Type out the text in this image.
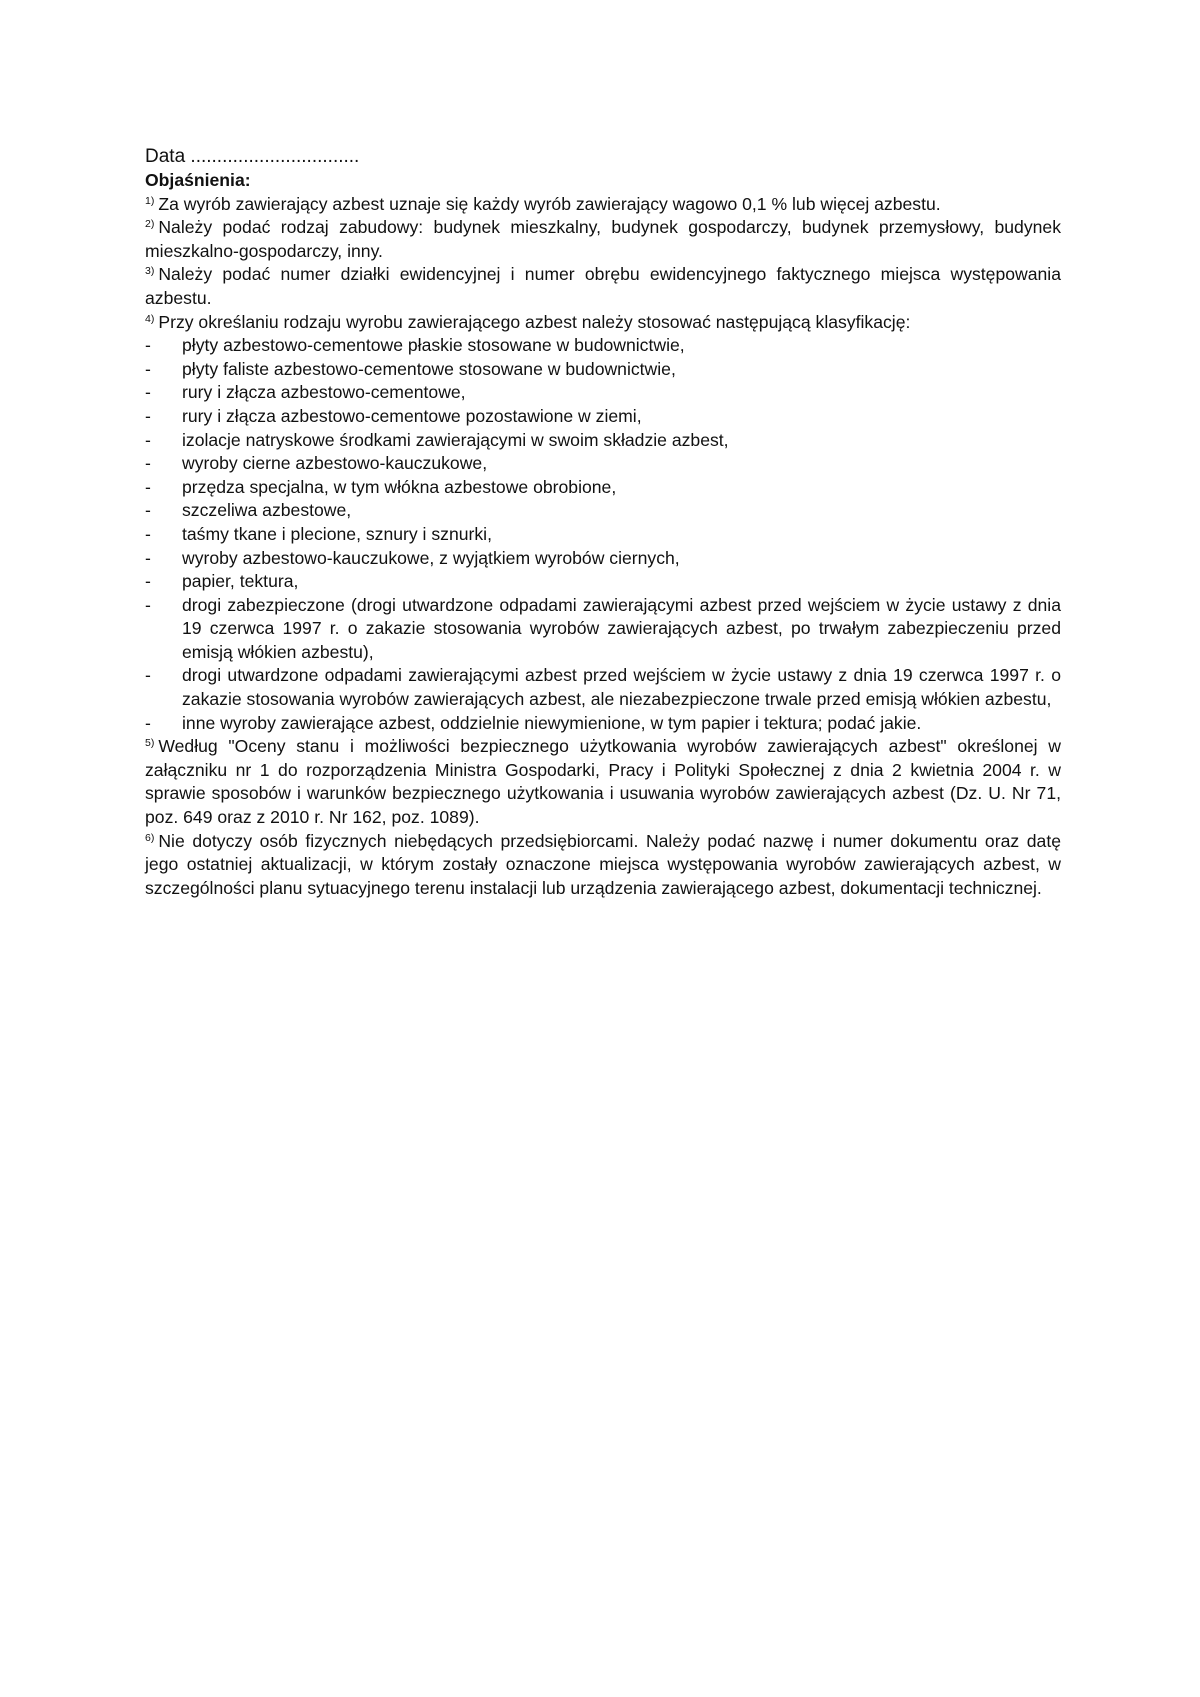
Data ................................
Objaśnienia:
$^{1)}$ Za wyrób zawierający azbest uznaje się każdy wyrób zawierający wagowo 0,1 % lub więcej azbestu.
$^{2)}$ Należy podać rodzaj zabudowy: budynek mieszkalny, budynek gospodarczy, budynek przemysłowy, budynek mieszkalno-gospodarczy, inny.
$^{3)}$ Należy podać numer działki ewidencyjnej i numer obrębu ewidencyjnego faktycznego miejsca występowania azbestu.
$^{4)}$ Przy określaniu rodzaju wyrobu zawierającego azbest należy stosować następującą klasyfikację:
-	płyty azbestowo-cementowe płaskie stosowane w budownictwie,
-	płyty faliste azbestowo-cementowe stosowane w budownictwie,
-	rury i złącza azbestowo-cementowe,
-	rury i złącza azbestowo-cementowe pozostawione w ziemi,
-	izolacje natryskowe środkami zawierającymi w swoim składzie azbest,
-	wyroby cierne azbestowo-kauczukowe,
-	przędza specjalna, w tym włókna azbestowe obrobione,
-	szczeliwa azbestowe,
-	taśmy tkane i plecione, sznury i sznurki,
-	wyroby azbestowo-kauczukowe, z wyjątkiem wyrobów ciernych,
-	papier, tektura,
-	drogi zabezpieczone (drogi utwardzone odpadami zawierającymi azbest przed wejściem w życie ustawy z dnia 19 czerwca 1997 r. o zakazie stosowania wyrobów zawierających azbest, po trwałym zabezpieczeniu przed emisją włókien azbestu),
-	drogi utwardzone odpadami zawierającymi azbest przed wejściem w życie ustawy z dnia 19 czerwca 1997 r. o zakazie stosowania wyrobów zawierających azbest, ale niezabezpieczone trwale przed emisją włókien azbestu,
-	inne wyroby zawierające azbest, oddzielnie niewymienione, w tym papier i tektura; podać jakie.
$^{5)}$ Według "Oceny stanu i możliwości bezpiecznego użytkowania wyrobów zawierających azbest" określonej w załączniku nr 1 do rozporządzenia Ministra Gospodarki, Pracy i Polityki Społecznej z dnia 2 kwietnia 2004 r. w sprawie sposobów i warunków bezpiecznego użytkowania i usuwania wyrobów zawierających azbest (Dz. U. Nr 71, poz. 649 oraz z 2010 r. Nr 162, poz. 1089).
$^{6)}$ Nie dotyczy osób fizycznych niebędących przedsiębiorcami. Należy podać nazwę i numer dokumentu oraz datę jego ostatniej aktualizacji, w którym zostały oznaczone miejsca występowania wyrobów zawierających azbest, w szczególności planu sytuacyjnego terenu instalacji lub urządzenia zawierającego azbest, dokumentacji technicznej.
